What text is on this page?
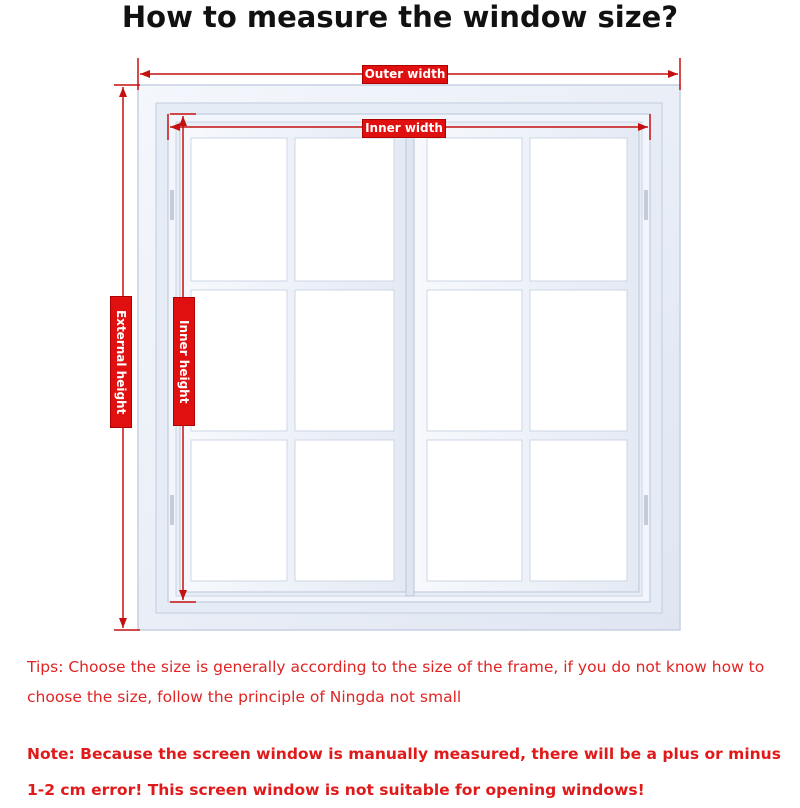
How to measure the window size?
Outer width
Inner width
External height	Inner height
Tips: Choose the size is generally according to the size of the frame, if you do not know how to choose the size, follow the principle of Ningda not small
Note: Because the screen window is manually measured, there will be a plus or minus 1-2 cm error! This screen window is not suitable for opening windows!
